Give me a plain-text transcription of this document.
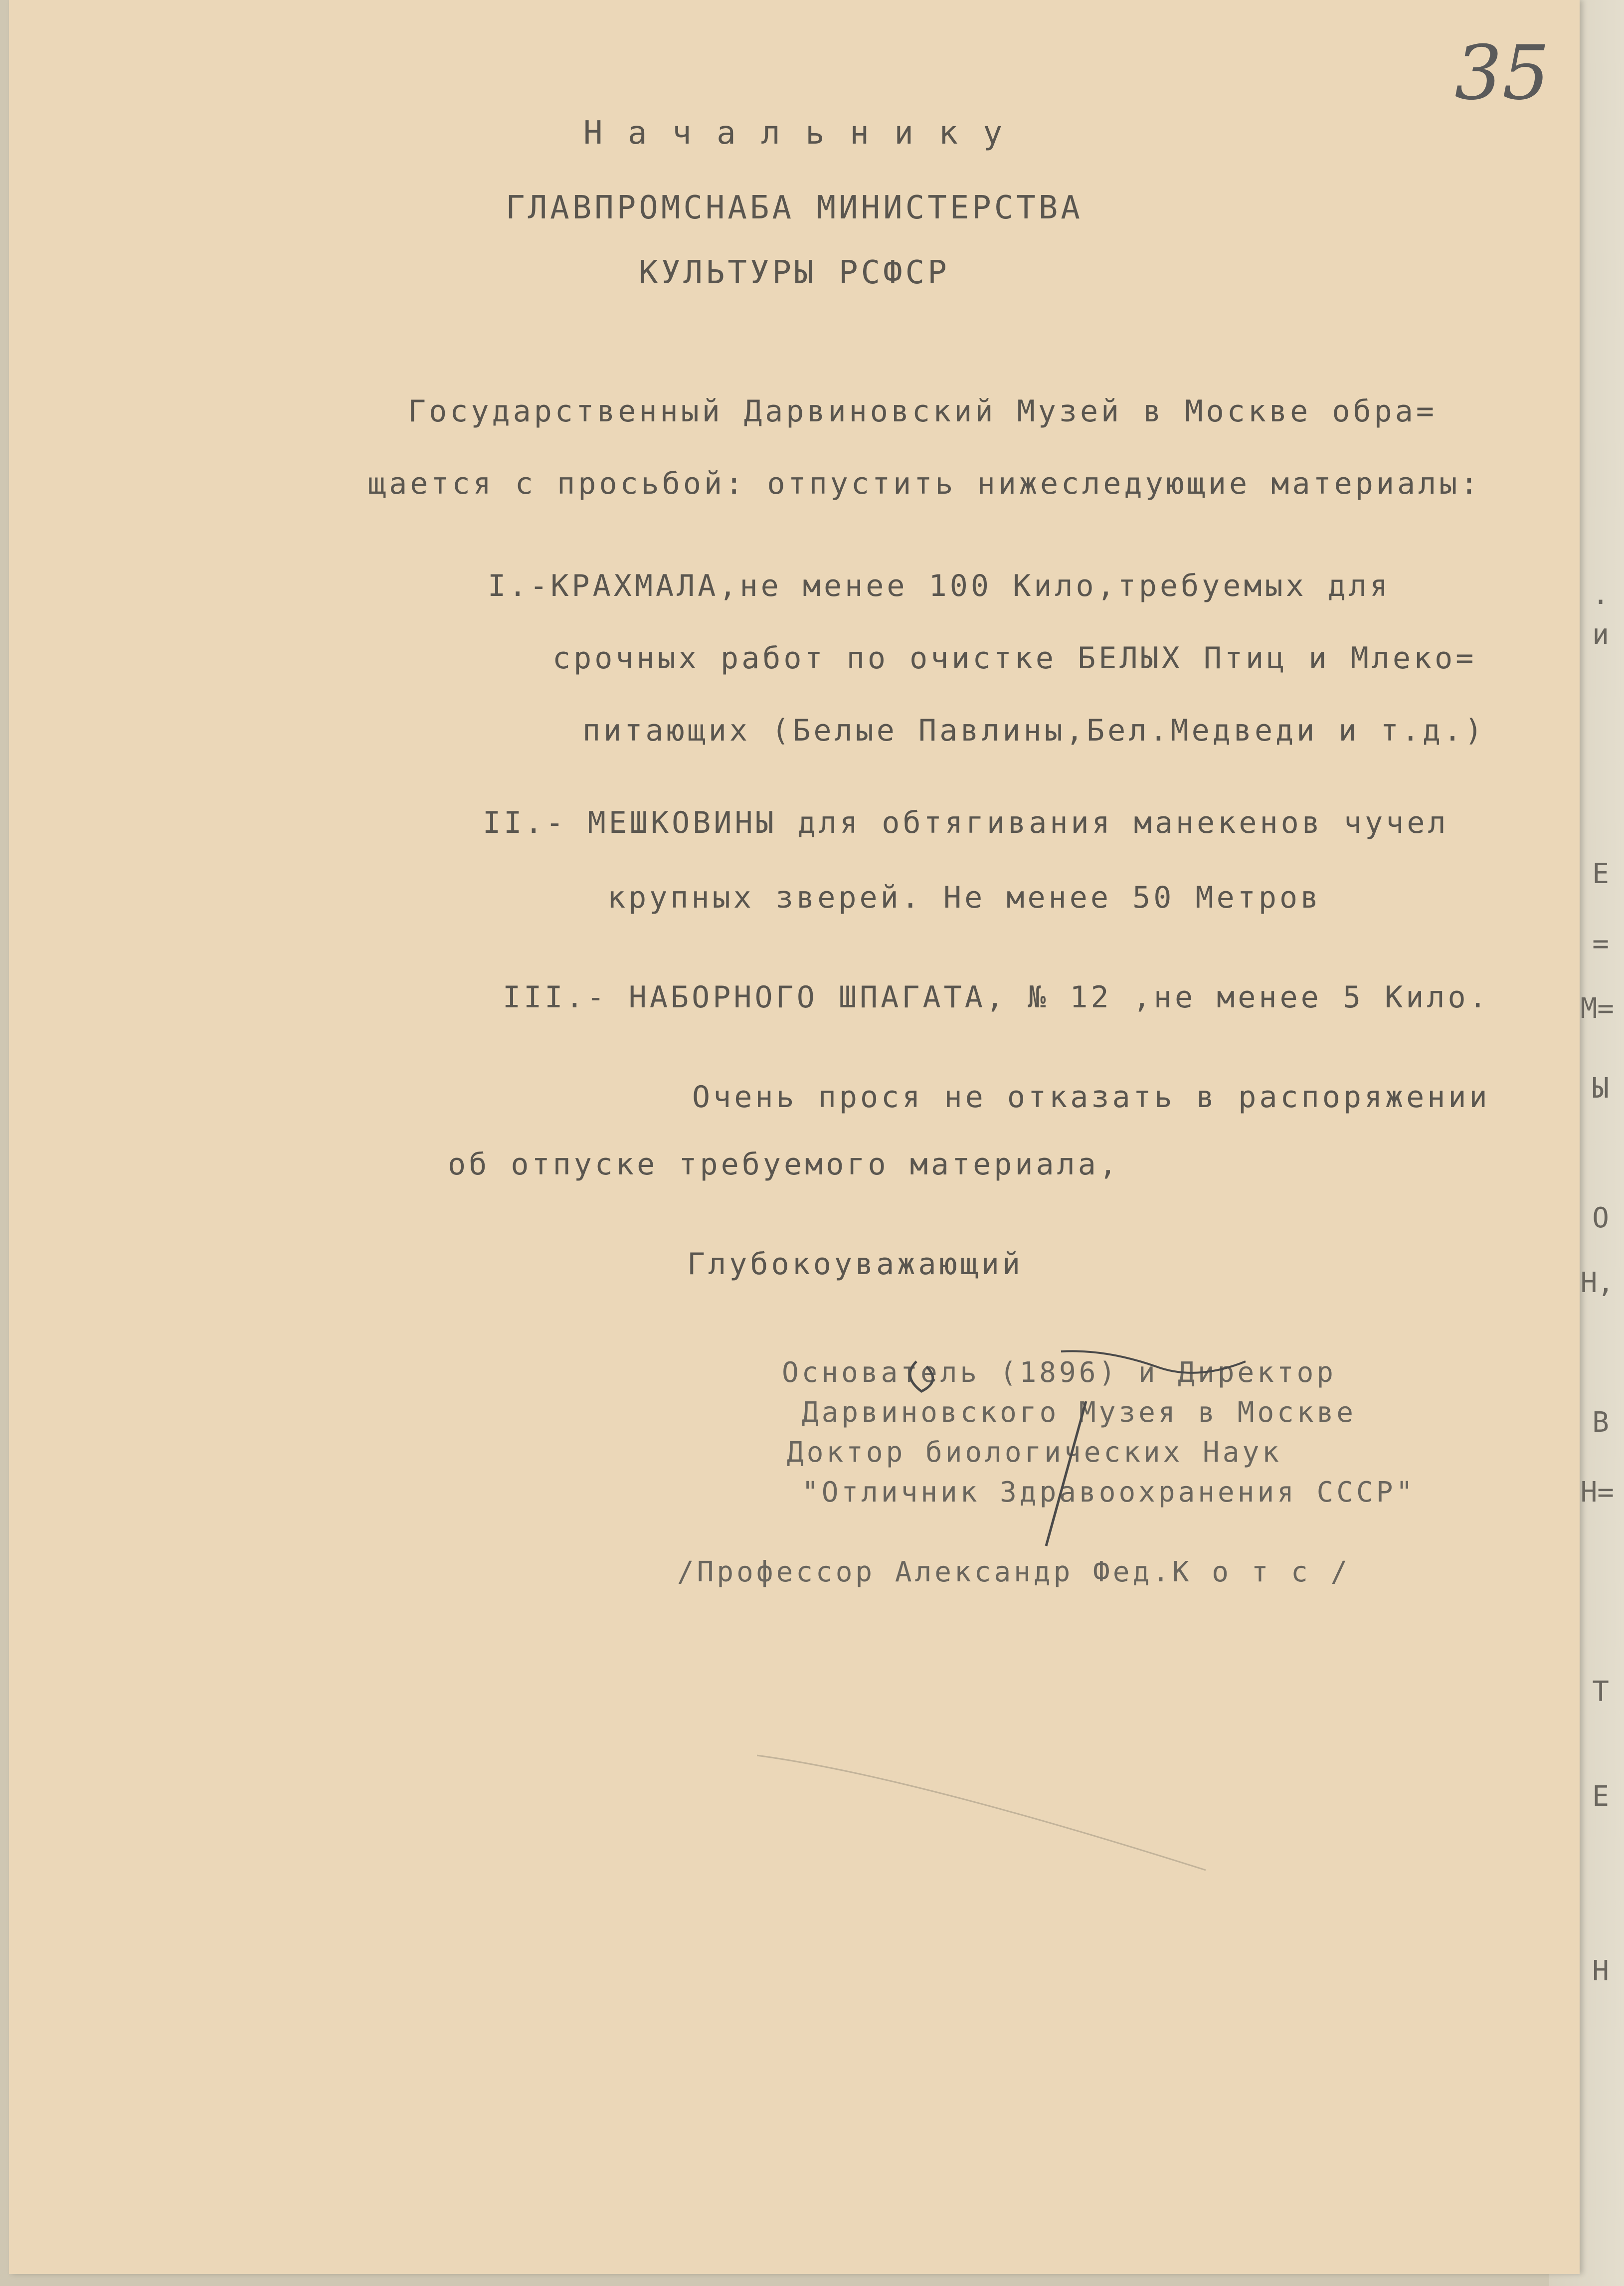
35
Н а ч а л ь н и к у
ГЛАВПРОМСНАБА МИНИСТЕРСТВА
КУЛЬТУРЫ РСФСР
Государственный Дарвиновский Музей в Москве обра=
щается с просьбой: отпустить нижеследующие материалы:
I.-КРАХМАЛА,не менее 100 Кило,требуемых для
срочных работ по очистке БЕЛЫХ Птиц и Млеко=
питающих (Белые Павлины,Бел.Медведи и т.д.)
II.- МЕШКОВИНЫ для обтягивания манекенов чучел
крупных зверей. Не менее 50 Метров
III.- НАБОРНОГО ШПАГАТА, № 12 ,не менее 5 Кило.
Очень прося не отказать в распоряжении
об отпуске требуемого материала,
Глубокоуважающий
Основатель (1896) и Директор
Дарвиновского Музея в Москве
Доктор биологических Наук
"Отличник Здравоохранения СССР"
/Профессор Александр Фед.К о т с /
.
и
Е
=
М=
Ы
О
Н,
В
Н=
Т
Е
Н
